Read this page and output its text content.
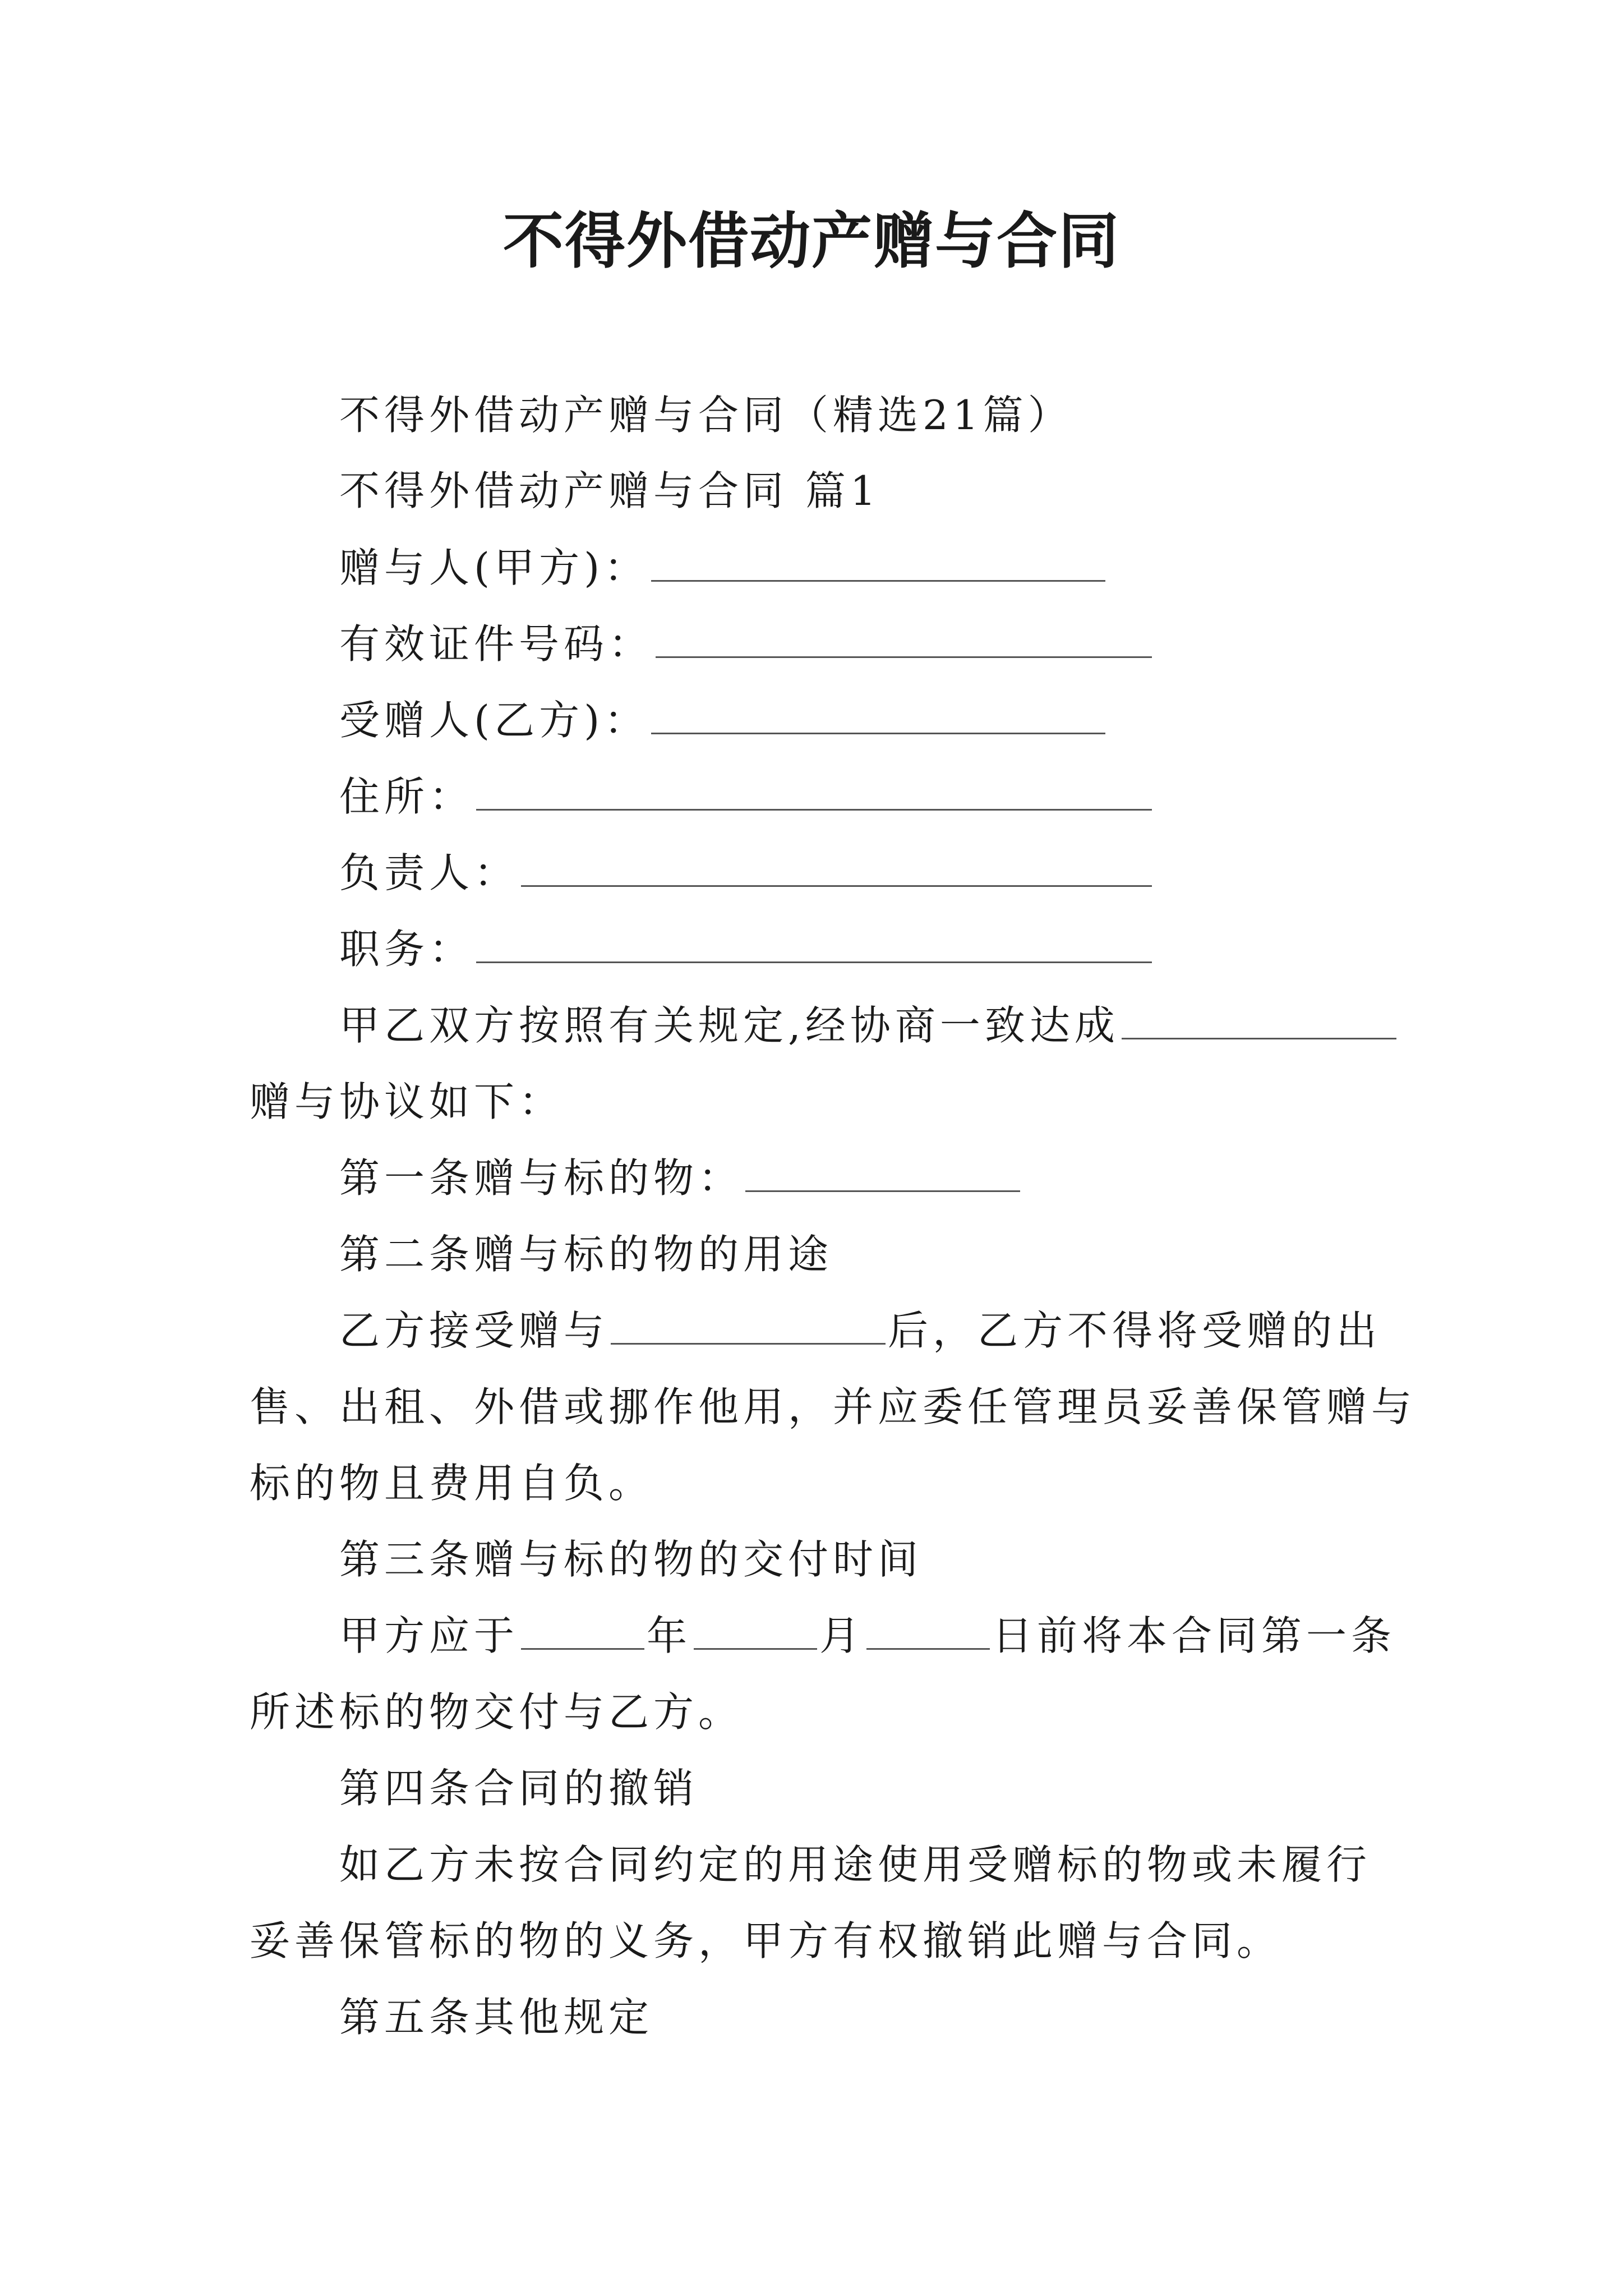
不得外借动产赠与合同
不得外借动产赠与合同（精选21篇）
不得外借动产赠与合同 篇1
赠与人(甲方)：
有效证件号码：
受赠人(乙方)：
住所：
负责人：
职务：
甲乙双方按照有关规定,经协商一致达成
赠与协议如下：
第一条赠与标的物：
第二条赠与标的物的用途
乙方接受赠与	后，乙方不得将受赠的出
售、出租、外借或挪作他用，并应委任管理员妥善保管赠与
标的物且费用自负。
第三条赠与标的物的交付时间
甲方应于	年	月	日前将本合同第一条
所述标的物交付与乙方。
第四条合同的撤销
如乙方未按合同约定的用途使用受赠标的物或未履行
妥善保管标的物的义务，甲方有权撤销此赠与合同。
第五条其他规定
